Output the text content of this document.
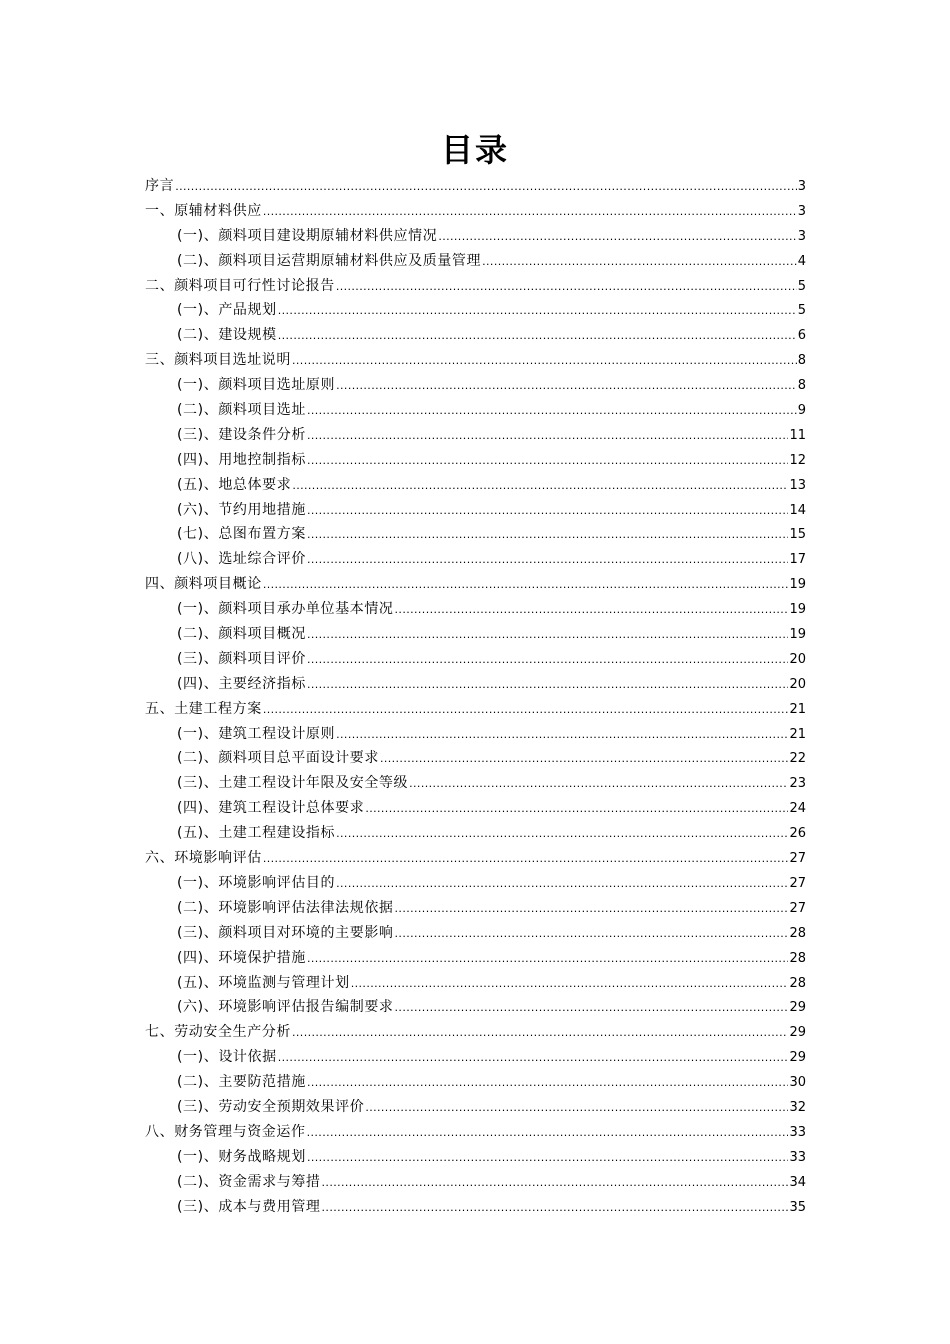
目录
序言 .....	3
一、原辅材料供应 .....	3
(一)、颜料项目建设期原辅材料供应情况 .....	3
(二)、颜料项目运营期原辅材料供应及质量管理 .....	4
二、颜料项目可行性讨论报告 .....	5
(一)、产品规划 .....	5
(二)、建设规模 .....	6
三、颜料项目选址说明 .....	8
(一)、颜料项目选址原则 .....	8
(二)、颜料项目选址 .....	9
(三)、建设条件分析 .....	11
(四)、用地控制指标 .....	12
(五)、地总体要求 .....	13
(六)、节约用地措施 .....	14
(七)、总图布置方案 .....	15
(八)、选址综合评价 .....	17
四、颜料项目概论 .....	19
(一)、颜料项目承办单位基本情况 .....	19
(二)、颜料项目概况 .....	19
(三)、颜料项目评价 .....	20
(四)、主要经济指标 .....	20
五、土建工程方案 .....	21
(一)、建筑工程设计原则 .....	21
(二)、颜料项目总平面设计要求 .....	22
(三)、土建工程设计年限及安全等级 .....	23
(四)、建筑工程设计总体要求 .....	24
(五)、土建工程建设指标 .....	26
六、环境影响评估 .....	27
(一)、环境影响评估目的 .....	27
(二)、环境影响评估法律法规依据 .....	27
(三)、颜料项目对环境的主要影响 .....	28
(四)、环境保护措施 .....	28
(五)、环境监测与管理计划 .....	28
(六)、环境影响评估报告编制要求 .....	29
七、劳动安全生产分析 .....	29
(一)、设计依据 .....	29
(二)、主要防范措施 .....	30
(三)、劳动安全预期效果评价 .....	32
八、财务管理与资金运作 .....	33
(一)、财务战略规划 .....	33
(二)、资金需求与筹措 .....	34
(三)、成本与费用管理 .....	35
